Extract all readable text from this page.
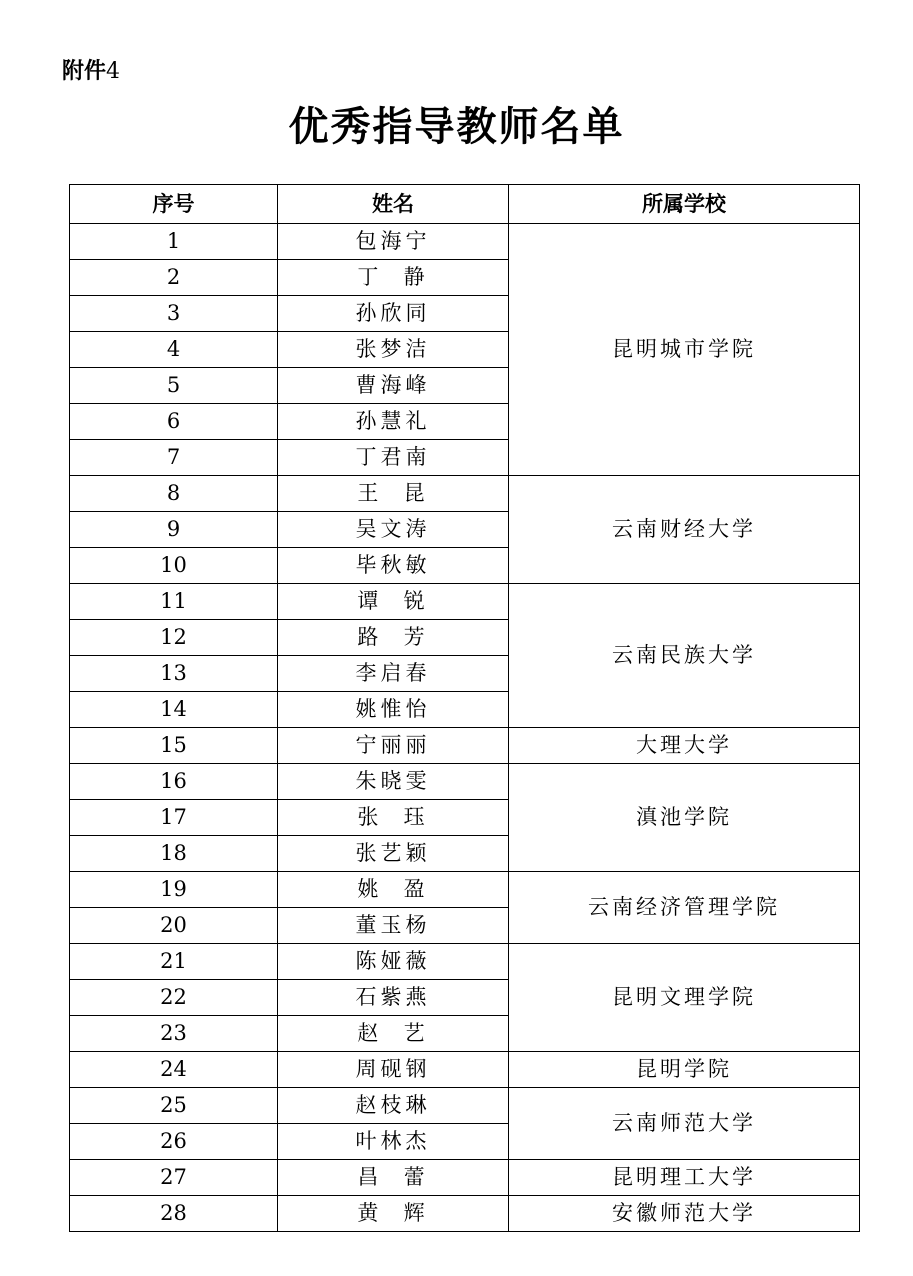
附件4
优秀指导教师名单
序号	姓名	所属学校
1	包海宁	昆明城市学院
2	丁  静	
3	孙欣同	
4	张梦洁	
5	曹海峰	
6	孙慧礼	
7	丁君南	
8	王  昆	云南财经大学
9	吴文涛	
10	毕秋敏	
11	谭  锐	云南民族大学
12	路  芳	
13	李启春	
14	姚惟怡	
15	宁丽丽	大理大学
16	朱晓雯	滇池学院
17	张  珏	
18	张艺颖	
19	姚  盈	云南经济管理学院
20	董玉杨	
21	陈娅薇	昆明文理学院
22	石紫燕	
23	赵  艺	
24	周砚钢	昆明学院
25	赵枝琳	云南师范大学
26	叶林杰	
27	昌  蕾	昆明理工大学
28	黄  辉	安徽师范大学
